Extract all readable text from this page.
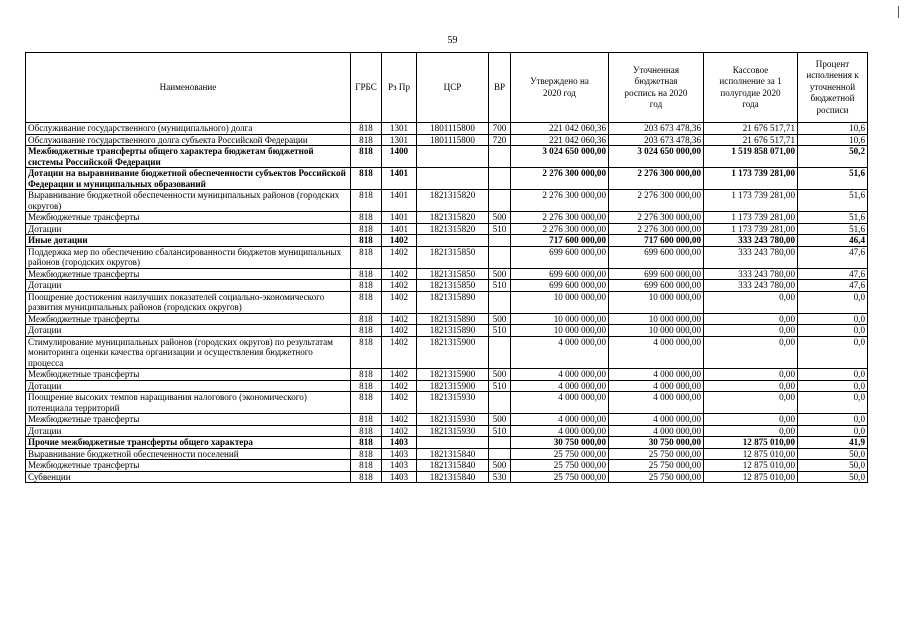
59
Наименование	ГРБС	Рз Пр	ЦСР	ВР	Утверждено на 2020 год	Уточненная бюджетная роспись на 2020 год	Кассовое исполнение за 1 полугодие 2020 года	Процент исполнения к уточненной бюджетной росписи
Обслуживание государственного (муниципального) долга	818	1301	1801115800	700	221 042 060,36	203 673 478,36	21 676 517,71	10,6
Обслуживание государственного долга субъекта Российской Федерации	818	1301	1801115800	720	221 042 060,36	203 673 478,36	21 676 517,71	10,6
Межбюджетные трансферты общего характера бюджетам бюджетной системы Российской Федерации	818	1400			3 024 650 000,00	3 024 650 000,00	1 519 858 071,00	50,2
Дотации на выравнивание бюджетной обеспеченности субъектов Российской Федерации и муниципальных образований	818	1401			2 276 300 000,00	2 276 300 000,00	1 173 739 281,00	51,6
Выравнивание бюджетной обеспеченности муниципальных районов (городских округов)	818	1401	1821315820		2 276 300 000,00	2 276 300 000,00	1 173 739 281,00	51,6
Межбюджетные трансферты	818	1401	1821315820	500	2 276 300 000,00	2 276 300 000,00	1 173 739 281,00	51,6
Дотации	818	1401	1821315820	510	2 276 300 000,00	2 276 300 000,00	1 173 739 281,00	51,6
Иные дотации	818	1402			717 600 000,00	717 600 000,00	333 243 780,00	46,4
Поддержка мер по обеспечению сбалансированности бюджетов муниципальных районов (городских округов)	818	1402	1821315850		699 600 000,00	699 600 000,00	333 243 780,00	47,6
Межбюджетные трансферты	818	1402	1821315850	500	699 600 000,00	699 600 000,00	333 243 780,00	47,6
Дотации	818	1402	1821315850	510	699 600 000,00	699 600 000,00	333 243 780,00	47,6
Поощрение достижения наилучших показателей социально-экономического развития муниципальных районов (городских округов)	818	1402	1821315890		10 000 000,00	10 000 000,00	0,00	0,0
Межбюджетные трансферты	818	1402	1821315890	500	10 000 000,00	10 000 000,00	0,00	0,0
Дотации	818	1402	1821315890	510	10 000 000,00	10 000 000,00	0,00	0,0
Стимулирование муниципальных районов (городских округов) по результатам мониторинга оценки качества организации и осуществления бюджетного процесса	818	1402	1821315900		4 000 000,00	4 000 000,00	0,00	0,0
Межбюджетные трансферты	818	1402	1821315900	500	4 000 000,00	4 000 000,00	0,00	0,0
Дотации	818	1402	1821315900	510	4 000 000,00	4 000 000,00	0,00	0,0
Поощрение высоких темпов наращивания налогового (экономического) потенциала территорий	818	1402	1821315930		4 000 000,00	4 000 000,00	0,00	0,0
Межбюджетные трансферты	818	1402	1821315930	500	4 000 000,00	4 000 000,00	0,00	0,0
Дотации	818	1402	1821315930	510	4 000 000,00	4 000 000,00	0,00	0,0
Прочие межбюджетные трансферты общего характера	818	1403			30 750 000,00	30 750 000,00	12 875 010,00	41,9
Выравнивание бюджетной обеспеченности поселений	818	1403	1821315840		25 750 000,00	25 750 000,00	12 875 010,00	50,0
Межбюджетные трансферты	818	1403	1821315840	500	25 750 000,00	25 750 000,00	12 875 010,00	50,0
Субвенции	818	1403	1821315840	530	25 750 000,00	25 750 000,00	12 875 010,00	50,0
